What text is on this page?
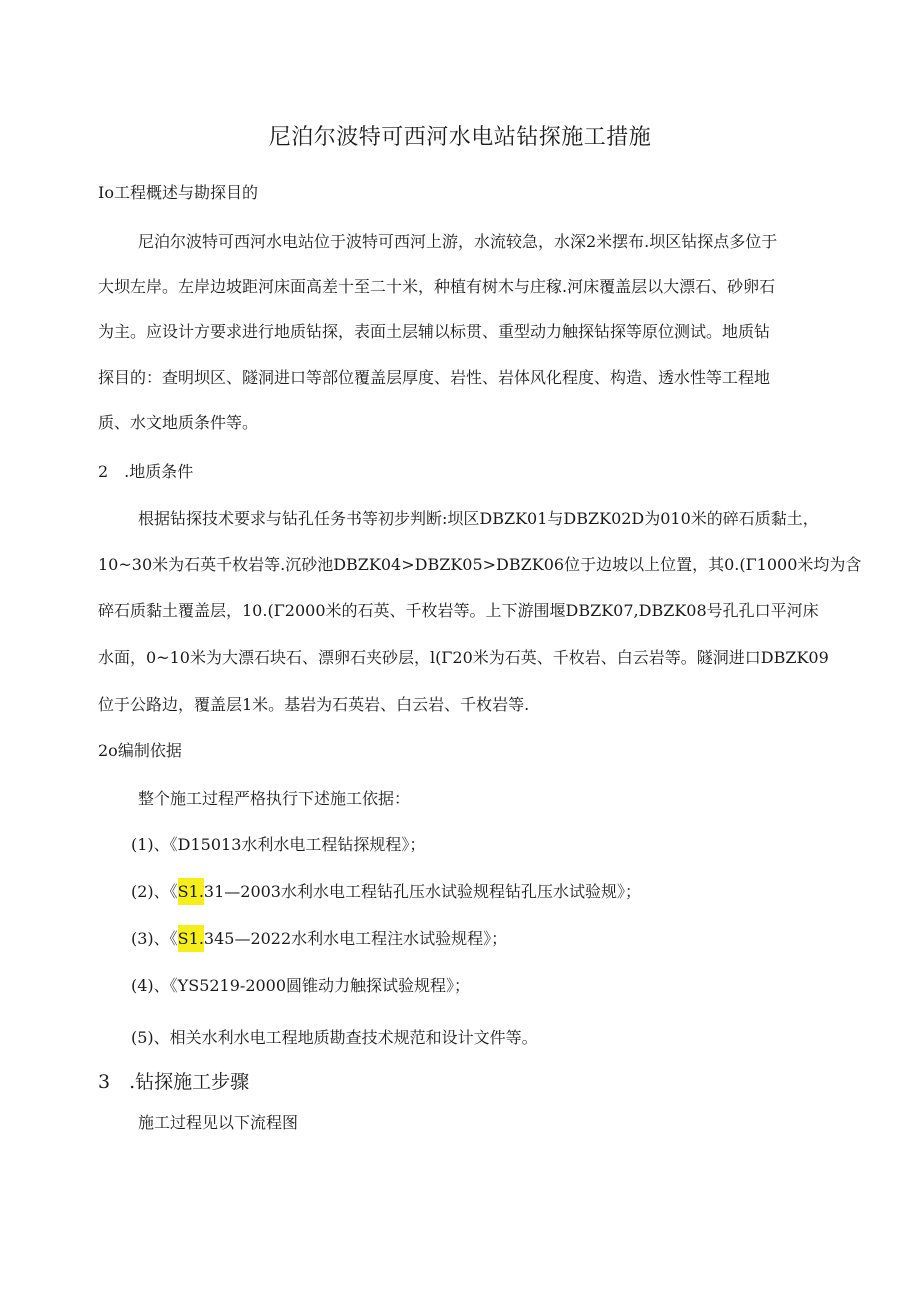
尼泊尔波特可西河水电站钻探施工措施
Io工程概述与勘探目的
尼泊尔波特可西河水电站位于波特可西河上游，水流较急，水深2米摆布.坝区钻探点多位于
大坝左岸。左岸边坡距河床面高差十至二十米，种植有树木与庄稼.河床覆盖层以大漂石、砂卵石
为主。应设计方要求进行地质钻探，表面土层辅以标贯、重型动力触探钻探等原位测试。地质钻
探目的：查明坝区、隧洞进口等部位覆盖层厚度、岩性、岩体风化程度、构造、透水性等工程地
质、水文地质条件等。
2　.地质条件
根据钻探技术要求与钻孔任务书等初步判断:坝区DBZK01与DBZK02D为010米的碎石质黏土，
10~30米为石英千枚岩等.沉砂池DBZK04>DBZK05>DBZK06位于边坡以上位置，其0.(Γ1000米均为含
碎石质黏土覆盖层，10.(Γ2000米的石英、千枚岩等。上下游围堰DBZK07,DBZK08号孔孔口平河床
水面，0~10米为大漂石块石、漂卵石夹砂层，l(Γ20米为石英、千枚岩、白云岩等。隧洞进口DBZK09
位于公路边，覆盖层1米。基岩为石英岩、白云岩、千枚岩等.
2o编制依据
整个施工过程严格执行下述施工依据：
(1)、《D15013水利水电工程钻探规程》；
(2)、《S1.31—2003水利水电工程钻孔压水试验规程钻孔压水试验规》；
(3)、《S1.345—2022水利水电工程注水试验规程》；
(4)、《YS5219-2000圆锥动力触探试验规程》；
(5)、相关水利水电工程地质勘查技术规范和设计文件等。
3　.钻探施工步骤
施工过程见以下流程图
